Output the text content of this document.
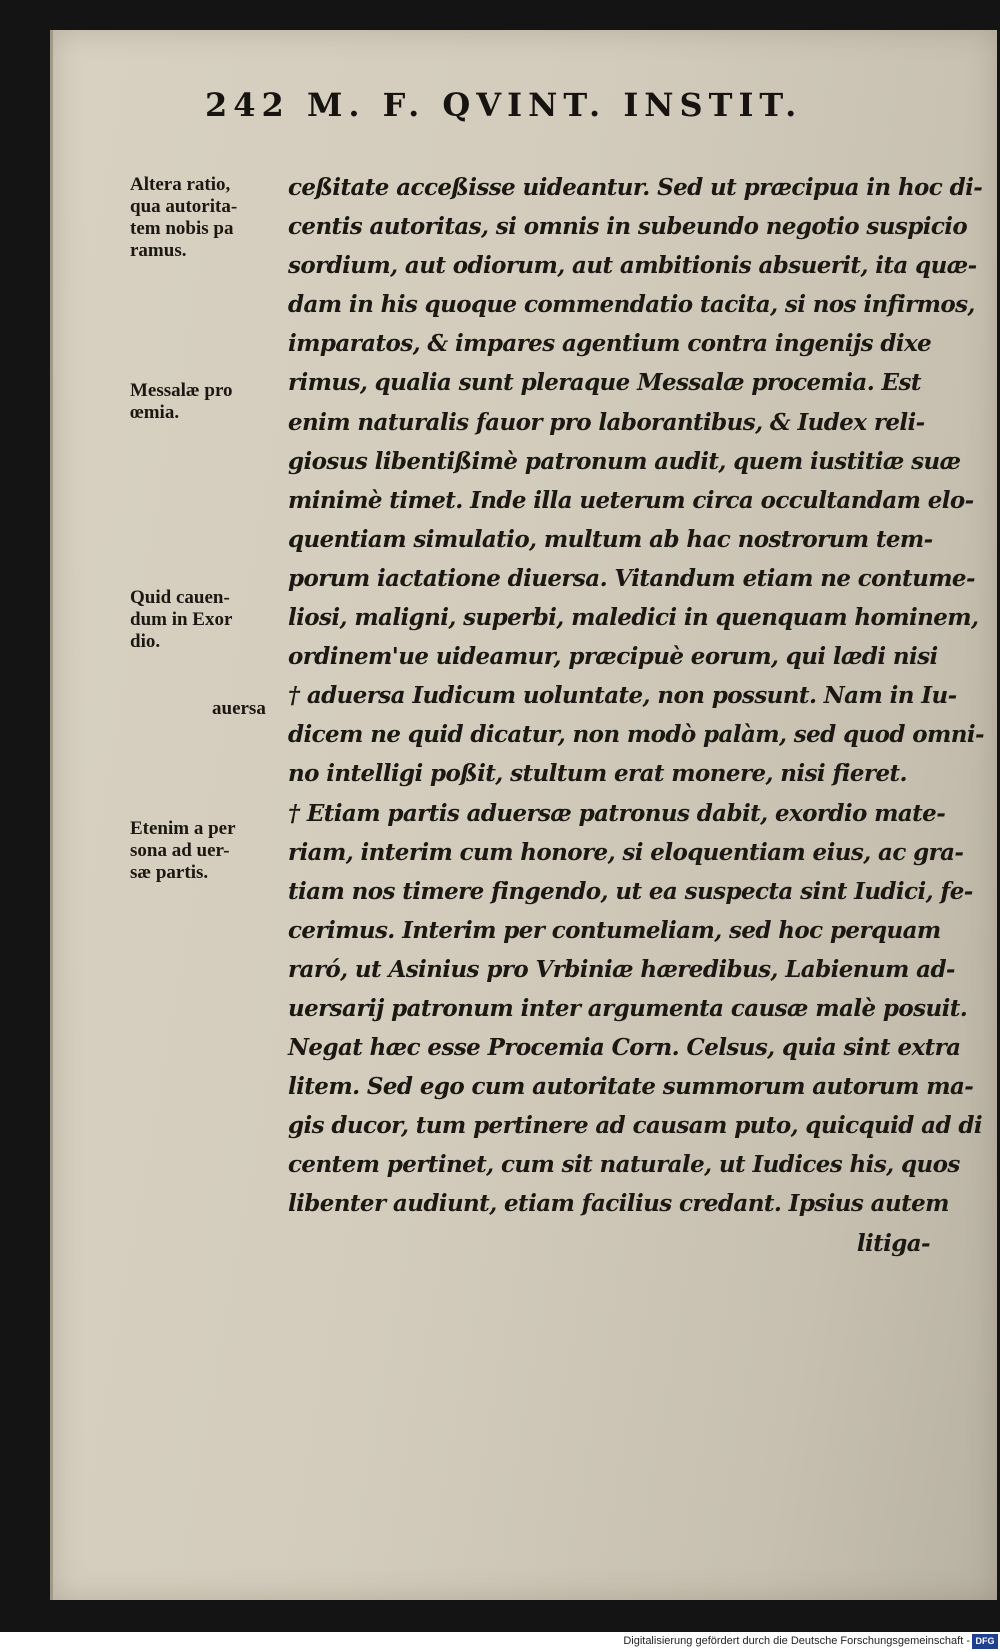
242 M. F. QVINT. INSTIT.
Altera ratio,
qua autorita-
tem nobis pa
ramus.
Messalæ pro
œmia.
Quid cauen-
dum in Exor
dio.
auersa
Etenim a per
sona ad uer-
sæ partis.
ceßitate acceßisse uideantur. Sed ut præcipua in hoc di-
centis autoritas, si omnis in subeundo negotio suspicio
sordium, aut odiorum, aut ambitionis absuerit, ita quæ-
dam in his quoque commendatio tacita, si nos infirmos,
imparatos, & impares agentium contra ingenijs dixe
rimus, qualia sunt pleraque Messalæ procemia. Est
enim naturalis fauor pro laborantibus, & Iudex reli-
giosus libentißimè patronum audit, quem iustitiæ suæ
minimè timet. Inde illa ueterum circa occultandam elo-
quentiam simulatio, multum ab hac nostrorum tem-
porum iactatione diuersa. Vitandum etiam ne contume-
liosi, maligni, superbi, maledici in quenquam hominem,
ordinem'ue uideamur, præcipuè eorum, qui lædi nisi
† aduersa Iudicum uoluntate, non possunt. Nam in Iu-
dicem ne quid dicatur, non modò palàm, sed quod omni-
no intelligi poßit, stultum erat monere, nisi fieret.
† Etiam partis aduersæ patronus dabit, exordio mate-
riam, interim cum honore, si eloquentiam eius, ac gra-
tiam nos timere fingendo, ut ea suspecta sint Iudici, fe-
cerimus. Interim per contumeliam, sed hoc perquam
raró, ut Asinius pro Vrbiniæ hæredibus, Labienum ad-
uersarij patronum inter argumenta causæ malè posuit.
Negat hæc esse Procemia Corn. Celsus, quia sint extra
litem. Sed ego cum autoritate summorum autorum ma-
gis ducor, tum pertinere ad causam puto, quicquid ad di
centem pertinet, cum sit naturale, ut Iudices his, quos
libenter audiunt, etiam facilius credant. Ipsius autem
litiga-
Digitalisierung gefördert durch die Deutsche Forschungsgemeinschaft - DFG
